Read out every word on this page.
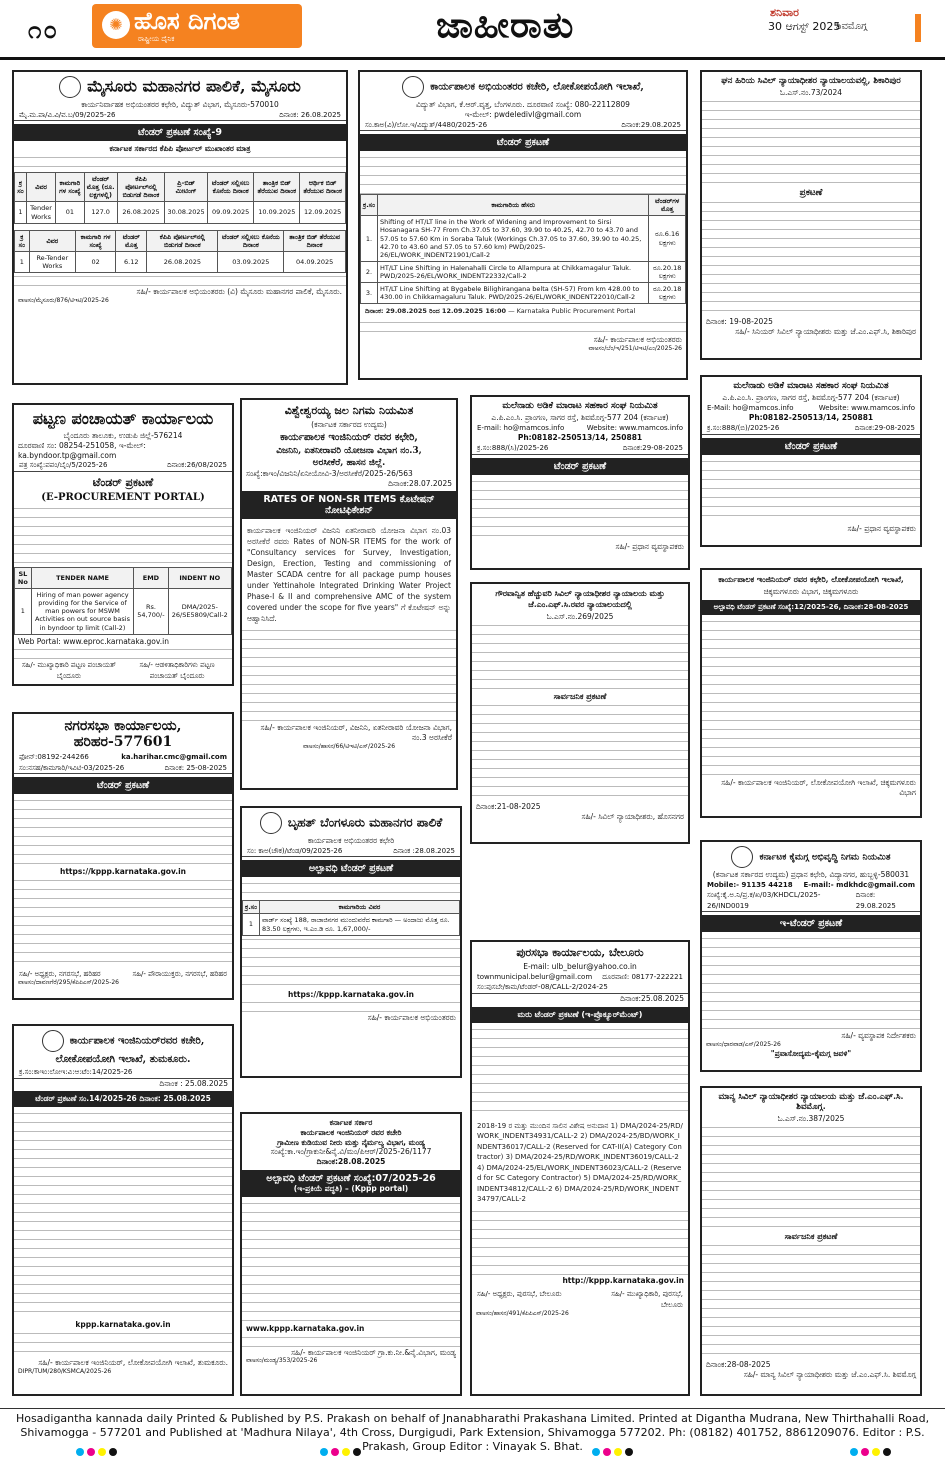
೧೦	✺ ಹೊಸ ದಿಗಂತ
ರಾಷ್ಟ್ರೀಯ ದೈನಿಕ	ಜಾಹೀರಾತು	ಶನಿವಾರ
30 ಆಗಸ್ಟ್ 2025
ಶಿವಮೊಗ್ಗ
ಮೈಸೂರು ಮಹಾನಗರ ಪಾಲಿಕೆ, ಮೈಸೂರು
ಕಾರ್ಯನಿರ್ವಾಹಕ ಅಭಿಯಂತರರ ಕಛೇರಿ, ವಿದ್ಯುತ್ ವಿಭಾಗ, ಮೈಸೂರು-570010
ಮೈ.ಮ.ಪಾ/ವಿ.ವಿ/ವ.ಬ/09/2025-26	ದಿನಾಂಕ: 26.08.2025
ಟೆಂಡರ್ ಪ್ರಕಟಣೆ ಸಂಖ್ಯೆ-9
ಕರ್ನಾಟಕ ಸರ್ಕಾರದ ಕೆಪಿಪಿ ಪೋರ್ಟಲ್ ಮುಖಾಂತರ ಮಾತ್ರ
ಕ್ರ ಸಂ	ವಿವರ	ಕಾಮಗಾರಿ ಗಳ ಸಂಖ್ಯೆ	ಟೆಂಡರ್ ಮೊತ್ತ (ರೂ. ಲಕ್ಷಗಳಲ್ಲಿ)	ಕೆಪಿಪಿ ಪೋರ್ಟಲ್‌ನಲ್ಲಿ ಬಿಡುಗಡೆ ದಿನಾಂಕ	ಪ್ರಿ-ಬಿಡ್ ಮೀಟಿಂಗ್	ಟೆಂಡರ್ ಸಲ್ಲಿಸಲು ಕೊನೆಯ ದಿನಾಂಕ	ತಾಂತ್ರಿಕ ಬಿಡ್ ತೆರೆಯುವ ದಿನಾಂಕ	ಆರ್ಥಿಕ ಬಿಡ್ ತೆರೆಯುವ ದಿನಾಂಕ
1	Tender Works	01	127.0	26.08.2025	30.08.2025	09.09.2025	10.09.2025	12.09.2025
ಕ್ರ ಸಂ	ವಿವರ	ಕಾಮಗಾರಿ ಗಳ ಸಂಖ್ಯೆ	ಟೆಂಡರ್ ಮೊತ್ತ	ಕೆಪಿಪಿ ಪೋರ್ಟಲ್‌ನಲ್ಲಿ ಬಿಡುಗಡೆ ದಿನಾಂಕ	ಟೆಂಡರ್ ಸಲ್ಲಿಸಲು ಕೊನೆಯ ದಿನಾಂಕ	ತಾಂತ್ರಿಕ ಬಿಡ್ ತೆರೆಯುವ ದಿನಾಂಕ
1	Re-Tender Works	02	6.12	26.08.2025	03.09.2025	04.09.2025
ಸಹಿ/- ಕಾರ್ಯಪಾಲಕ ಅಭಿಯಂತರರು (ವಿ) ಮೈಸೂರು ಮಹಾನಗರ ಪಾಲಿಕೆ, ಮೈಸೂರು.
ವಾಅಸಂ/ಮೈಸೂರು/876/ಟಿಇಟಿ/2025-26
ಕಾರ್ಯಪಾಲಕ ಅಭಿಯಂತರರ ಕಚೇರಿ, ಲೋಕೋಪಯೋಗಿ ಇಲಾಖೆ,
ವಿದ್ಯುತ್ ವಿಭಾಗ, ಕೆ.ಆರ್.ವೃತ್ತ, ಬೆಂಗಳೂರು. ದೂರವಾಣಿ ಸಂಖ್ಯೆ: 080-22112809
ಇ-ಮೇಲ್: pwdeledivl@gmail.com
ಸಂ.ಕಾಅ(ವಿ)/ಲೋ.ಇ/ವಿದ್ಯುತ್/4480/2025-26	ದಿನಾಂಕ:29.08.2025
ಟೆಂಡರ್ ಪ್ರಕಟಣೆ
ಕ್ರ.ಸಂ	ಕಾಮಗಾರಿಯ ಹೆಸರು	ಟೆಂಡರ್‌ಗಳ ಮೊತ್ತ
1.	Shifting of HT/LT line in the Work of Widening and Improvement to Sirsi Hosanagara SH-77 From Ch.37.05 to 37.60, 39.90 to 40.25, 42.70 to 43.70 and 57.05 to 57.60 Km in Soraba Taluk (Workings Ch.37.05 to 37.60, 39.90 to 40.25, 42.70 to 43.60 and 57.05 to 57.60 km) PWD/2025-26/EL/WORK_INDENT21901/Call-2	ರೂ.6.16 ಲಕ್ಷಗಳು
2.	HT/LT Line Shifting in Halenahalli Circle to Allampura at Chikkamagalur Taluk. PWD/2025-26/EL/WORK_INDENT22332/Call-2	ರೂ.20.18 ಲಕ್ಷಗಳು
3.	HT/LT Line Shifting at Bygabele Bilighirangana belta (SH-57) From km 428.00 to 430.00 in Chikkamagaluru Taluk. PWD/2025-26/EL/WORK_INDENT22010/Call-2	ರೂ.20.18 ಲಕ್ಷಗಳು
ದಿನಾಂಕ: 29.08.2025 ರಿಂದ 12.09.2025 16:00 — Karnataka Public Procurement Portal
ಸಹಿ/- ಕಾರ್ಯಪಾಲಕ ಅಭಿಯಂತರರು
ವಾಅಸಂ/ಬೆಂ/ಇ/251/ಟಿಇಟಿ/ಎಂ/2025-26
ಘನ ಹಿರಿಯ ಸಿವಿಲ್ ನ್ಯಾಯಾಧೀಶರ ನ್ಯಾಯಾಲಯವಲ್ಲಿ, ಶಿಕಾರಿಪುರ
ಓ.ಎಸ್.ನಂ.73/2024
ಪ್ರಕಟಣೆ
ದಿನಾಂಕ: 19-08-2025
ಸಹಿ/- ಸಿನಿಯರ್ ಸಿವಿಲ್ ನ್ಯಾಯಾಧೀಶರು ಮತ್ತು ಜೆ.ಎಂ.ಎಫ್.ಸಿ, ಶಿಕಾರಿಪುರ
ಮಲೆನಾಡು ಅಡಿಕೆ ಮಾರಾಟ ಸಹಕಾರ ಸಂಘ ನಿಯಮಿತ
ಎ.ಪಿ.ಎಂ.ಸಿ. ಪ್ರಾಂಗಣ, ಸಾಗರ ರಸ್ತೆ, ಶಿವಮೊಗ್ಗ-577 204 (ಕರ್ನಾಟಕ)
E-Mail: ho@mamcos.info	Website: www.mamcos.info
Ph:08182-250513/14, 250881
ಕ್ರ.ಸಂ:888/(ಬಿ)/2025-26	ದಿನಾಂಕ:29-08-2025
ಟೆಂಡರ್ ಪ್ರಕಟಣೆ
ಸಹಿ/- ಪ್ರಧಾನ ವ್ಯವಸ್ಥಾಪಕರು
ಪಟ್ಟಣ ಪಂಚಾಯತ್ ಕಾರ್ಯಾಲಯ
ಬೈಂದೂರು ತಾಲೂಕು, ಉಡುಪಿ ಜಿಲ್ಲೆ-576214
ದೂರವಾಣಿ ಸಂ: 08254-251058, ಇ-ಮೇಲ್: ka.byndoor.tp@gmail.com
ಪತ್ರ ಸಂಖ್ಯೆ:ಪಪಂ/ಬೈಂ/5/2025-26	ದಿನಾಂಕ:26/08/2025
ಟೆಂಡರ್ ಪ್ರಕಟಣೆ
(E-PROCUREMENT PORTAL)
SL No	TENDER NAME	EMD	INDENT NO
1	Hiring of man power agency providing for the Service of man powers for MSWM Activities on out source basis in byndoor tp limit (Call-2)	Rs. 54,700/-	DMA/2025-26/SE5809/Call-2
Web Portal: www.eproc.karnataka.gov.in
ಸಹಿ/- ಮುಖ್ಯಾಧಿಕಾರಿ ಪಟ್ಟಣ ಪಂಚಾಯತ್ ಬೈಂದೂರು
ಸಹಿ/- ಆಡಳಿತಾಧಿಕಾರಿಗಳು ಪಟ್ಟಣ ಪಂಚಾಯತ್ ಬೈಂದೂರು
ವಿಶ್ವೇಶ್ವರಯ್ಯ ಜಲ ನಿಗಮ ನಿಯಮಿತ
(ಕರ್ನಾಟಕ ಸರ್ಕಾರದ ಉದ್ಯಮ)
ಕಾರ್ಯಪಾಲಕ ಇಂಜಿನಿಯರ್ ರವರ ಕಛೇರಿ,
ವಿಜನಿನಿ, ಏತನೀರಾವರಿ ಯೋಜನಾ ವಿಭಾಗ ನಂ.3,
ಅರಸೀಕೆರೆ, ಹಾಸನ ಜಿಲ್ಲೆ.
ಸಂಖ್ಯೆ:ಕಾಇಂ/ವಿಜನಿನಿ/ಏನೀಯೋವಿ-3/ಅರಸೀಕೆರೆ/2025-26/563
ದಿನಾಂಕ:28.07.2025
RATES OF NON-SR ITEMS ಕೊಟೇಷನ್
ನೋಟಿಫಿಕೇಶನ್
ಕಾರ್ಯಪಾಲಕ ಇಂಜಿನಿಯರ್ ವಿಜನಿನಿ ಏತನೀರಾವರಿ ಯೋಜನಾ ವಿಭಾಗ ನಂ.03 ಅರಸೀಕೆರೆ ರವರು Rates of NON-SR ITEMS for the work of "Consultancy services for Survey, Investigation, Design, Erection, Testing and commissioning of Master SCADA centre for all package pump houses under Yettinahole Integrated Drinking Water Project Phase-I & II and comprehensive AMC of the system covered under the scope for five years" ಗೆ ಕೊಟೇಷನ್ ಅನ್ನು ಆಹ್ವಾನಿಸಿದೆ.
ಸಹಿ/- ಕಾರ್ಯಪಾಲಕ ಇಂಜಿನಿಯರ್, ವಿಜನಿನಿ, ಏತನೀರಾವರಿ ಯೋಜನಾ ವಿಭಾಗ, ನಂ.3 ಅರಸೀಕೆರೆ
ವಾಅಸಂ/ಹಾಸನ/66/ಟಿಇಟಿ/ಎಸ್/2025-26
ಮಲೆನಾಡು ಅಡಿಕೆ ಮಾರಾಟ ಸಹಕಾರ ಸಂಘ ನಿಯಮಿತ
ಎ.ಪಿ.ಎಂ.ಸಿ. ಪ್ರಾಂಗಣ, ಸಾಗರ ರಸ್ತೆ, ಶಿವಮೊಗ್ಗ-577 204 (ಕರ್ನಾಟಕ)
E-mail: ho@mamcos.info	Website: www.mamcos.info
Ph:08182-250513/14, 250881
ಕ್ರ.ಸಂ:888/(ಸಿ)/2025-26	ದಿನಾಂಕ:29-08-2025
ಟೆಂಡರ್ ಪ್ರಕಟಣೆ
ಸಹಿ/- ಪ್ರಧಾನ ವ್ಯವಸ್ಥಾಪಕರು
ಗೌರವಾನ್ವಿತ ಹೆಚ್ಚುವರಿ ಸಿವಿಲ್ ನ್ಯಾಯಾಧೀಶರ ನ್ಯಾಯಾಲಯ ಮತ್ತು ಜೆ.ಎಂ.ಎಫ್.ಸಿ.ರವರ ನ್ಯಾಯಾಲಯದಲ್ಲಿ
ಓ.ಎಸ್.ನಂ.269/2025
ಸಾರ್ವಜನಿಕ ಪ್ರಕಟಣೆ
ದಿನಾಂಕ:21-08-2025
ಸಹಿ/- ಸಿವಿಲ್ ನ್ಯಾಯಾಧೀಶರು, ಹೊಸನಗರ
ಕಾರ್ಯಪಾಲಕ ಇಂಜಿನಿಯರ್ ರವರ ಕಛೇರಿ, ಲೋಕೋಪಯೋಗಿ ಇಲಾಖೆ,
ಚಿಕ್ಕಮಗಳೂರು ವಿಭಾಗ, ಚಿಕ್ಕಮಗಳೂರು
ಅಲ್ಪಾವಧಿ ಟೆಂಡರ್ ಪ್ರಕಟಣೆ ಸಂಖ್ಯೆ:12/2025-26, ದಿನಾಂಕ:28-08-2025
ಸಹಿ/- ಕಾರ್ಯಪಾಲಕ ಇಂಜಿನಿಯರ್, ಲೋಕೋಪಯೋಗಿ ಇಲಾಖೆ, ಚಿಕ್ಕಮಗಳೂರು ವಿಭಾಗ
ನಗರಸಭಾ ಕಾರ್ಯಾಲಯ, ಹರಿಹರ-577601
ಫೋನ್:08192-244266	ka.harihar.cmc@gmail.com
ಸಂ:ನಸಹ/ಕಾಮಗಾರಿ/ಇವಿಟಿ-03/2025-26	ದಿನಾಂಕ: 25-08-2025
ಟೆಂಡರ್ ಪ್ರಕಟಣೆ
https://kppp.karnataka.gov.in
ಸಹಿ/- ಅಧ್ಯಕ್ಷರು, ನಗರಸಭೆ, ಹರಿಹರ	ಸಹಿ/- ಪೌರಾಯುಕ್ತರು, ನಗರಸಭೆ, ಹರಿಹರ
ವಾಅಸಂ/ದಾವಣಗೆರೆ/295/ಕೆಪಿಪಿಎಸ್/2025-26
ಬೃಹತ್ ಬೆಂಗಳೂರು ಮಹಾನಗರ ಪಾಲಿಕೆ
ಕಾರ್ಯಪಾಲಕ ಅಭಿಯಂತರರ ಕಛೇರಿ
ಸಂ: ಕಾಅ(ಚೌಕ)/ಟೆಂಡ/09/2025-26	ದಿನಾಂಕ :28.08.2025
ಅಲ್ಪಾವಧಿ ಟೆಂಡರ್ ಪ್ರಕಟಣೆ
ಕ್ರ.ಸಂ	ಕಾಮಗಾರಿಯ ವಿವರ
1	ವಾರ್ಡ್ ಸಂಖ್ಯೆ 188, ರ‍ಾಜಾಜಿನಗರ ಮುಂದುವರೆದ ಕಾಮಗಾರಿ — ಅಂದಾಜು ಮೊತ್ತ ರೂ. 83.50 ಲಕ್ಷಗಳು, ಇ.ಎಂ.ಡಿ ರೂ. 1,67,000/-
https://kppp.karnataka.gov.in
ಸಹಿ/- ಕಾರ್ಯಪಾಲಕ ಅಭಿಯಂತರರು
ಕರ್ನಾಟಕ ಕೈಮಗ್ಗ ಅಭಿವೃದ್ಧಿ ನಿಗಮ ನಿಯಮಿತ
(ಕರ್ನಾಟಕ ಸರ್ಕಾರದ ಉದ್ಯಮ) ಪ್ರಧಾನ ಕಛೇರಿ, ವಿದ್ಯಾನಗರ, ಹುಬ್ಬಳ್ಳಿ-580031
Mobile:- 91135 44218 E-mail:- mdkhdc@gmail.com
ಸಂಖ್ಯೆ:ಕೈ.ಅ.ನಿ/ಪ್ರ.ಕ/ಖ/03/KHDCL/2025-26/IND0019
ದಿನಾಂಕ: 29.08.2025
ಇ-ಟೆಂಡರ್ ಪ್ರಕಟಣೆ
ಸಹಿ/- ವ್ಯವಸ್ಥಾಪಕ ನಿರ್ದೇಶಕರು
ವಾಅಸಂ/ಧಾರವಾಡ/ಎಸ್/2025-26
"ಪ್ರವಾಸೋದ್ಯಮ-ಕೈಮಗ್ಗ ಜವಳಿ"
ಕಾರ್ಯಪಾಲಕ ಇಂಜಿನಿಯರ್‌ರವರ ಕಚೇರಿ,
ಲೋಕೋಪಯೋಗಿ ಇಲಾಖೆ, ತುಮಕೂರು.
ಕ್ರ.ಸಂ:ಕಾಇಂ:ಲೋಇ:ವಿ:ಆ:ಟೆಂ:14/2025-26
ದಿನಾಂಕ : 25.08.2025
ಟೆಂಡರ್ ಪ್ರಕಟಣೆ ಸಂ.14/2025-26 ದಿನಾಂಕ: 25.08.2025
kppp.karnataka.gov.in
ಸಹಿ/- ಕಾರ್ಯಪಾಲಕ ಇಂಜಿನಿಯರ್, ಲೋಕೋಪಯೋಗಿ ಇಲಾಖೆ, ತುಮಕೂರು.
DIPR/TUM/280/KSMCA/2025-26
ಕರ್ನಾಟಕ ಸರ್ಕಾರ
ಕಾರ್ಯಪಾಲಕ ಇಂಜಿನಿಯರ್ ರವರ ಕಚೇರಿ
ಗ್ರಾಮೀಣ ಕುಡಿಯುವ ನೀರು ಮತ್ತು ನೈರ್ಮಲ್ಯ ವಿಭಾಗ, ಮಂಡ್ಯ
ಸಂಖ್ಯೆ:ಕಾ.ಇಂ/ಗ್ರಾಕುನೀ&ನೈ.ವಿ/ಮಂ/ಪಿಆರ್/2025-26/1177
ದಿನಾಂಕ:28.08.2025
ಅಲ್ಪಾವಧಿ ಟೆಂಡರ್ ಪ್ರಕಟಣೆ ಸಂಖ್ಯೆ:07/2025-26
(ಇ-ಪ್ರಕಿಯೆ ಪದ್ಧತಿ) – (Kppp portal)
www.kppp.karnataka.gov.in
ಸಹಿ/- ಕಾರ್ಯಪಾಲಕ ಇಂಜಿನಿಯರ್ ಗ್ರಾ.ಕು.ನೀ.&ನೈ.ವಿಭಾಗ, ಮಂಡ್ಯ
ವಾಅಸಂ/ಮಂಡ್ಯ/353/2025-26
ಪುರಸಭಾ ಕಾರ್ಯಾಲಯ, ಬೇಲೂರು
E-mail: ulb_belur@yahoo.co.in
townmunicipal.belur@gmail.com ದೂರವಾಣಿ: 08177-222221
ಸಂ:ಪುಸಬೇ/ಕಾಮ/ಟೆಂಡರ್-08/CALL-2/2024-25
ದಿನಾಂಕ:25.08.2025
ಮರು ಟೆಂಡರ್ ಪ್ರಕಟಣೆ (ಇ-ಪ್ರೊಕ್ಯೂರ್‌ಮೆಂಟ್)
2018-19 ರ ಮತ್ತು ಮುಂದಿನ ಸಾಲಿನ ವಿಶೇಷ ಅನುದಾನ 1) DMA/2024-25/RD/WORK_INDENT34931/CALL-2 2) DMA/2024-25/BD/WORK_INDENT36017/CALL-2 (Reserved for CAT-II(A) Category Contractor) 3) DMA/2024-25/RD/WORK_INDENT36019/CALL-2 4) DMA/2024-25/EL/WORK_INDENT36023/CALL-2 (Reserved for SC Category Contractor) 5) DMA/2024-25/RD/WORK_INDENT34812/CALL-2 6) DMA/2024-25/RD/WORK_INDENT34797/CALL-2
http://kppp.karnataka.gov.in
ಸಹಿ/- ಅಧ್ಯಕ್ಷರು, ಪುರಸಭೆ, ಬೇಲೂರು	ಸಹಿ/- ಮುಖ್ಯಾಧಿಕಾರಿ, ಪುರಸಭೆ, ಬೇಲೂರು
ವಾಅಸಂ/ಹಾಸನ/491/ಕೆಪಿಪಿಎಸ್/2025-26
ಮಾನ್ಯ ಸಿವಿಲ್ ನ್ಯಾಯಾಧೀಶರ ನ್ಯಾಯಾಲಯ ಮತ್ತು ಜೆ.ಎಂ.ಎಫ್.ಸಿ. ಶಿವಮೊಗ್ಗ.
ಓ.ಎಸ್.ನಂ.387/2025
ಸಾರ್ವಜನಿಕ ಪ್ರಕಟಣೆ
ದಿನಾಂಕ:28-08-2025
ಸಹಿ/- ಮಾನ್ಯ ಸಿವಿಲ್ ನ್ಯಾಯಾಧೀಶರು ಮತ್ತು ಜೆ.ಎಂ.ಎಫ್.ಸಿ. ಶಿವಮೊಗ್ಗ
Hosadigantha kannada daily Printed & Published by P.S. Prakash on behalf of Jnanabharathi Prakashana Limited. Printed at Digantha Mudrana, New Thirthahalli Road, Shivamogga - 577201 and Published at 'Madhura Nilaya', 4th Cross, Durgigudi, Park Extension, Shivamogga 577202. Ph: (08182) 401752, 8861209076. Editor : P.S. Prakash, Group Editor : Vinayak S. Bhat.
